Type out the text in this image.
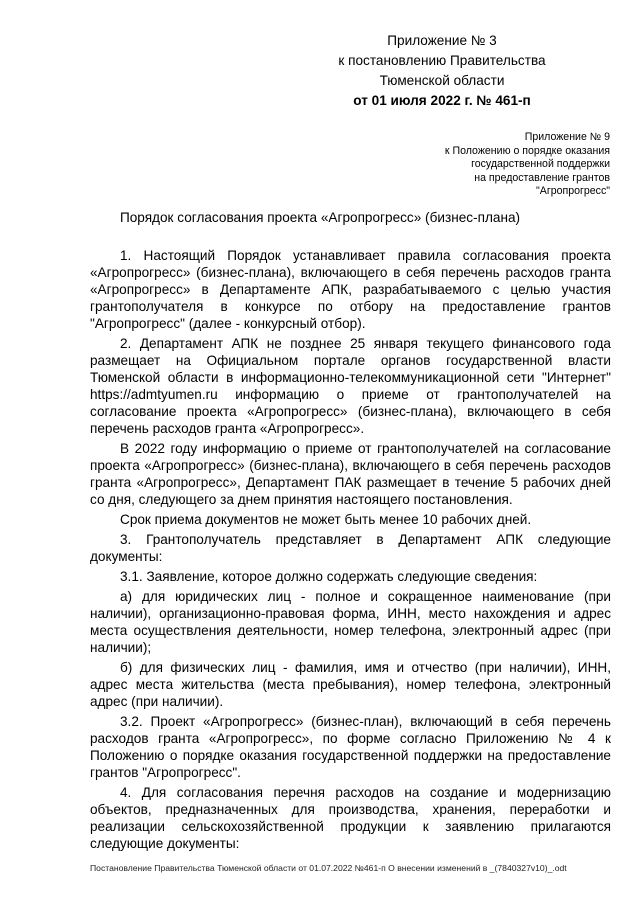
Приложение № 3
к постановлению Правительства
Тюменской области
от 01 июля 2022 г. № 461-п
Приложение № 9
к Положению о порядке оказания
государственной поддержки
на предоставление грантов
"Агропрогресс"
Порядок согласования проекта «Агропрогресс» (бизнес-плана)

1. Настоящий Порядок устанавливает правила согласования проекта «Агропрогресс» (бизнес-плана), включающего в себя перечень расходов гранта «Агропрогресс» в Департаменте АПК, разрабатываемого с целью участия грантополучателя в конкурсе по отбору на предоставление грантов "Агропрогресс" (далее - конкурсный отбор).

2. Департамент АПК не позднее 25 января текущего финансового года размещает на Официальном портале органов государственной власти Тюменской области в информационно-телекоммуникационной сети "Интернет" https://admtyumen.ru информацию о приеме от грантополучателей на согласование проекта «Агропрогресс» (бизнес-плана), включающего в себя перечень расходов гранта «Агропрогресс».

В 2022 году информацию о приеме от грантополучателей на согласование проекта «Агропрогресс» (бизнес-плана), включающего в себя перечень расходов гранта «Агропрогресс», Департамент ПАК размещает в течение 5 рабочих дней со дня, следующего за днем принятия настоящего постановления.

Срок приема документов не может быть менее 10 рабочих дней.

3. Грантополучатель представляет в Департамент АПК следующие документы:

3.1. Заявление, которое должно содержать следующие сведения:

а) для юридических лиц - полное и сокращенное наименование (при наличии), организационно-правовая форма, ИНН, место нахождения и адрес места осуществления деятельности, номер телефона, электронный адрес (при наличии);

б) для физических лиц - фамилия, имя и отчество (при наличии), ИНН, адрес места жительства (места пребывания), номер телефона, электронный адрес (при наличии).

3.2. Проект «Агропрогресс» (бизнес-план), включающий в себя перечень расходов гранта «Агропрогресс», по форме согласно Приложению № 4 к Положению о порядке оказания государственной поддержки на предоставление грантов "Агропрогресс".

4. Для согласования перечня расходов на создание и модернизацию объектов, предназначенных для производства, хранения, переработки и реализации сельскохозяйственной продукции к заявлению прилагаются следующие документы:

Постановление Правительства Тюменской области от 01.07.2022 №461-п О внесении изменений в _(7840327v10)_.odt
